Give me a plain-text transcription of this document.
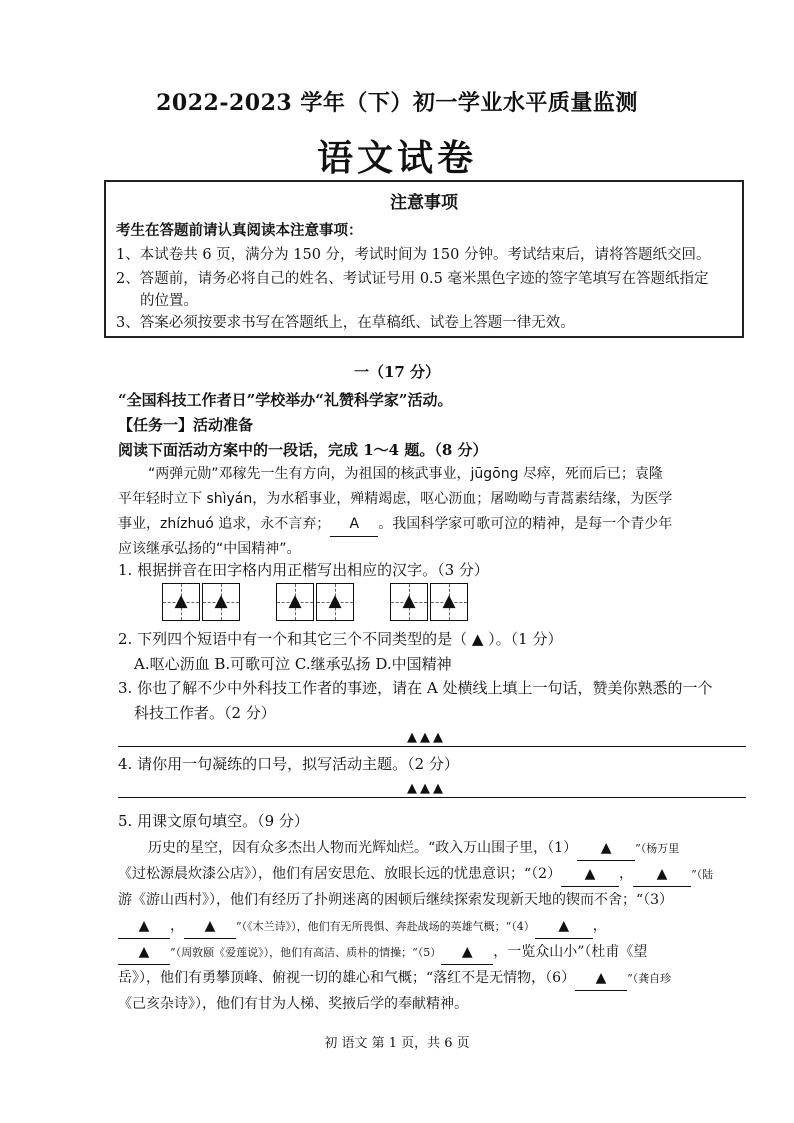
2022-2023 学年（下）初一学业水平质量监测
语文试卷
注意事项
考生在答题前请认真阅读本注意事项：
1、本试卷共 6 页，满分为 150 分，考试时间为 150 分钟。考试结束后，请将答题纸交回。
2、答题前，请务必将自己的姓名、考试证号用 0.5 毫米黑色字迹的签字笔填写在答题纸指定
的位置。
3、答案必须按要求书写在答题纸上，在草稿纸、试卷上答题一律无效。
一（17 分）
“全国科技工作者日”学校举办“礼赞科学家”活动。
【任务一】活动准备
阅读下面活动方案中的一段话，完成 1～4 题。（8 分）
“两弹元勋”邓稼先一生有方向，为祖国的核武事业，jūgōng 尽瘁，死而后已；袁隆
平年轻时立下 shìyán，为水稻事业，殚精竭虑，呕心沥血；屠呦呦与青蒿素结缘，为医学
事业，zhízhuó 追求，永不言弃； A 。我国科学家可歌可泣的精神，是每一个青少年
应该继承弘扬的“中国精神”。
1. 根据拼音在田字格内用正楷写出相应的汉字。（3 分）
▲	▲	▲	▲	▲	▲
2. 下列四个短语中有一个和其它三个不同类型的是（ ▲ ）。（1 分）
A.呕心沥血 B.可歌可泣 C.继承弘扬 D.中国精神
3. 你也了解不少中外科技工作者的事迹，请在 A 处横线上填上一句话，赞美你熟悉的一个
科技工作者。（2 分）
▲▲▲
4. 请你用一句凝练的口号，拟写活动主题。（2 分）
▲▲▲
5. 用课文原句填空。（9 分）
历史的星空，因有众多杰出人物而光辉灿烂。“政入万山围子里，（1） ▲ ”（杨万里
《过松源晨炊漆公店》），他们有居安思危、放眼长远的忧患意识；“（2） ▲ ， ▲ ”（陆
游《游山西村》），他们有经历了扑朔迷离的困顿后继续探索发现新天地的锲而不舍；“（3）
▲ ， ▲ ”（《木兰诗》），他们有无所畏惧、奔赴战场的英雄气概；“（4） ▲ ，
▲ ”（周敦颐《爱莲说》），他们有高洁、质朴的情操；“（5） ▲ ，一览众山小”（杜甫《望
岳》），他们有勇攀顶峰、俯视一切的雄心和气概；“落红不是无情物，（6） ▲ ”（龚自珍
《己亥杂诗》），他们有甘为人梯、奖掖后学的奉献精神。
初 语文 第 1 页，共 6 页
